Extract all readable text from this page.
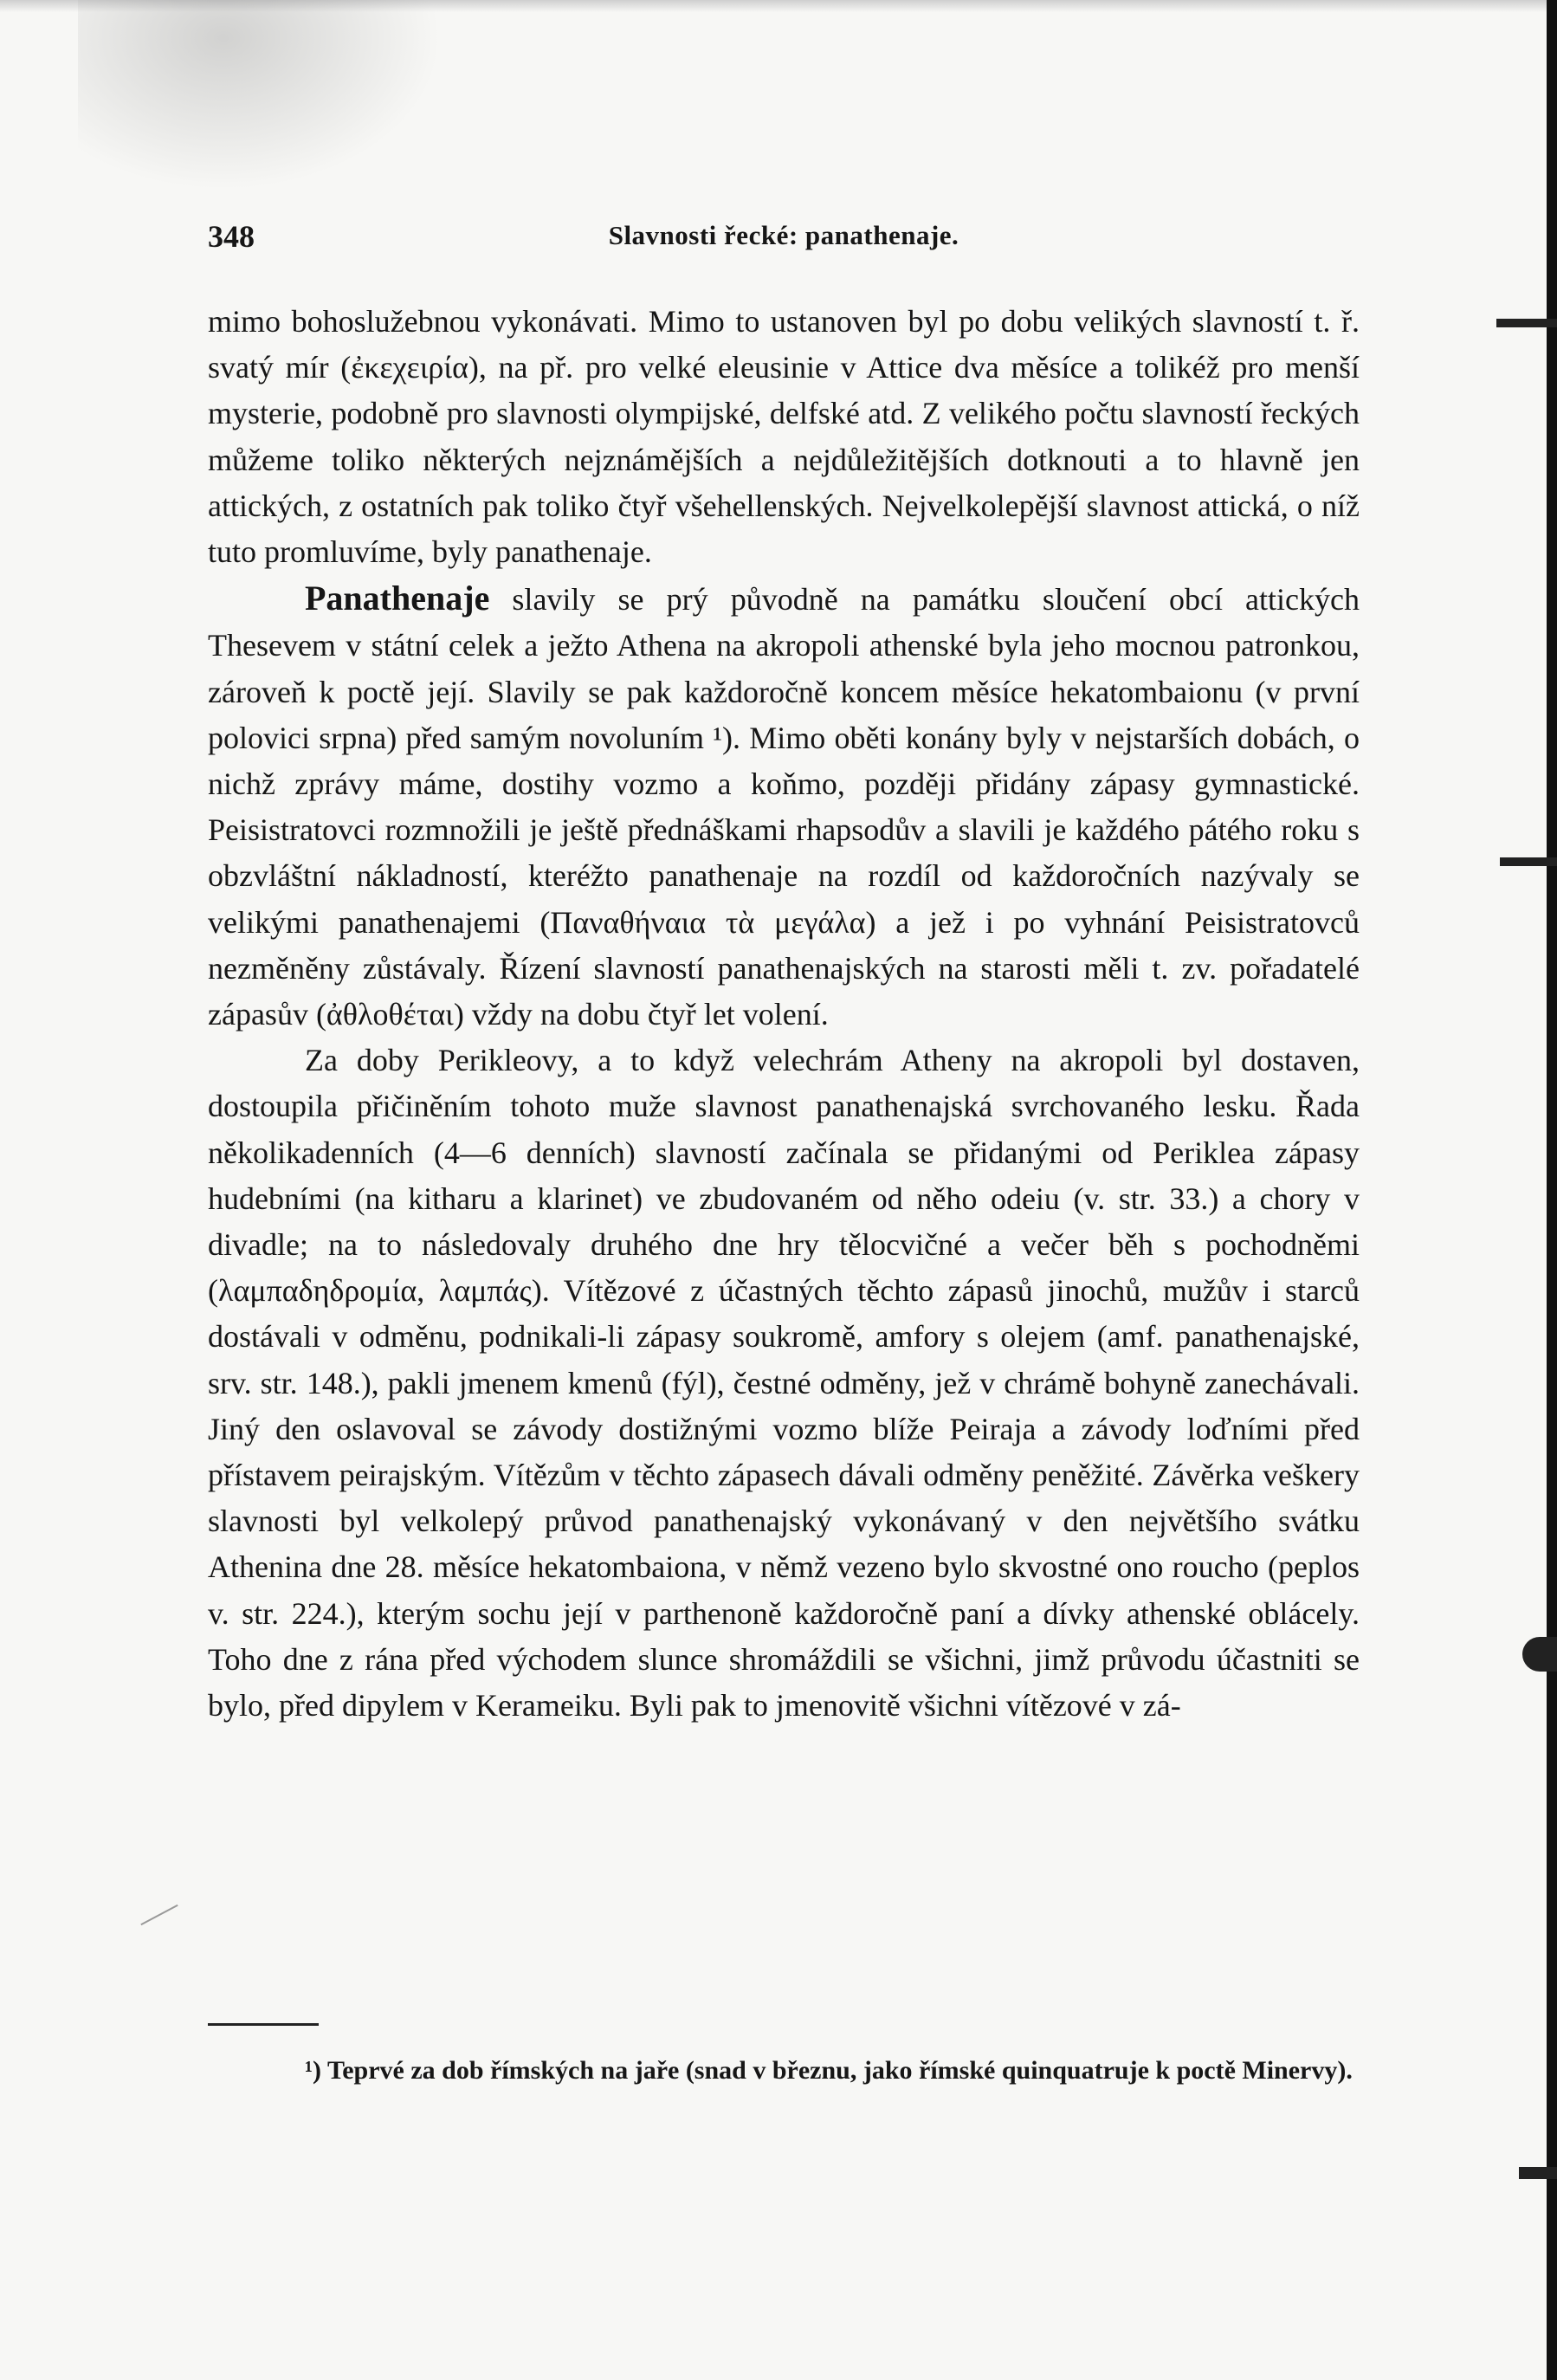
348	Slavnosti řecké: panathenaje.

mimo bohoslužebnou vykonávati. Mimo to ustanoven byl po dobu velikých slavností t. ř. svatý mír (ἐκεχειρία), na př. pro velké eleusinie v Attice dva měsíce a tolikéž pro menší mysterie, podobně pro slavnosti olympijské, delfské atd. Z velikého počtu slavností řeckých můžeme toliko některých nejznámějších a nejdůležitějších dotknouti a to hlavně jen attických, z ostatních pak toliko čtyř všehellenských. Nejvelkolepější slavnost attická, o níž tuto promluvíme, byly panathenaje.

Panathenaje slavily se prý původně na památku sloučení obcí attických Thesevem v státní celek a ježto Athena na akropoli athenské byla jeho mocnou patronkou, zároveň k poctě její. Slavily se pak každoročně koncem měsíce hekatombaionu (v první polovici srpna) před samým novoluním ¹). Mimo oběti konány byly v nejstarších dobách, o nichž zprávy máme, dostihy vozmo a koňmo, později přidány zápasy gymnastické. Peisistratovci rozmnožili je ještě přednáškami rhapsodův a slavili je každého pátého roku s obzvláštní nákladností, kteréžto panathenaje na rozdíl od každoročních nazývaly se velikými panathenajemi (Παναθήναια τὰ μεγάλα) a jež i po vyhnání Peisistratovců nezměněny zůstávaly. Řízení slavností panathenajských na starosti měli t. zv. pořadatelé zápasův (ἀθλοθέται) vždy na dobu čtyř let volení.

Za doby Perikleovy, a to když velechrám Atheny na akropoli byl dostaven, dostoupila přičiněním tohoto muže slavnost panathenajská svrchovaného lesku. Řada několikadenních (4—6 denních) slavností začínala se přidanými od Periklea zápasy hudebními (na kitharu a klarinet) ve zbudovaném od něho odeiu (v. str. 33.) a chory v divadle; na to následovaly druhého dne hry tělocvičné a večer běh s pochodněmi (λαμπαδηδρομία, λαμπάς). Vítězové z účastných těchto zápasů jinochů, mužův i starců dostávali v odměnu, podnikali-li zápasy soukromě, amfory s olejem (amf. panathenajské, srv. str. 148.), pakli jmenem kmenů (fýl), čestné odměny, jež v chrámě bohyně zanechávali. Jiný den oslavoval se závody dostižnými vozmo blíže Peiraja a závody loďními před přístavem peirajským. Vítězům v těchto zápasech dávali odměny peněžité. Závěrka veškery slavnosti byl velkolepý průvod panathenajský vykonávaný v den největšího svátku Athenina dne 28. měsíce hekatombaiona, v němž vezeno bylo skvostné ono roucho (peplos v. str. 224.), kterým sochu její v parthenoně každoročně paní a dívky athenské oblácely. Toho dne z rána před východem slunce shromáždili se všichni, jimž průvodu účastniti se bylo, před dipylem v Kerameiku. Byli pak to jmenovitě všichni vítězové v zá-

¹) Teprvé za dob římských na jaře (snad v březnu, jako římské quinquatruje k poctě Minervy).
